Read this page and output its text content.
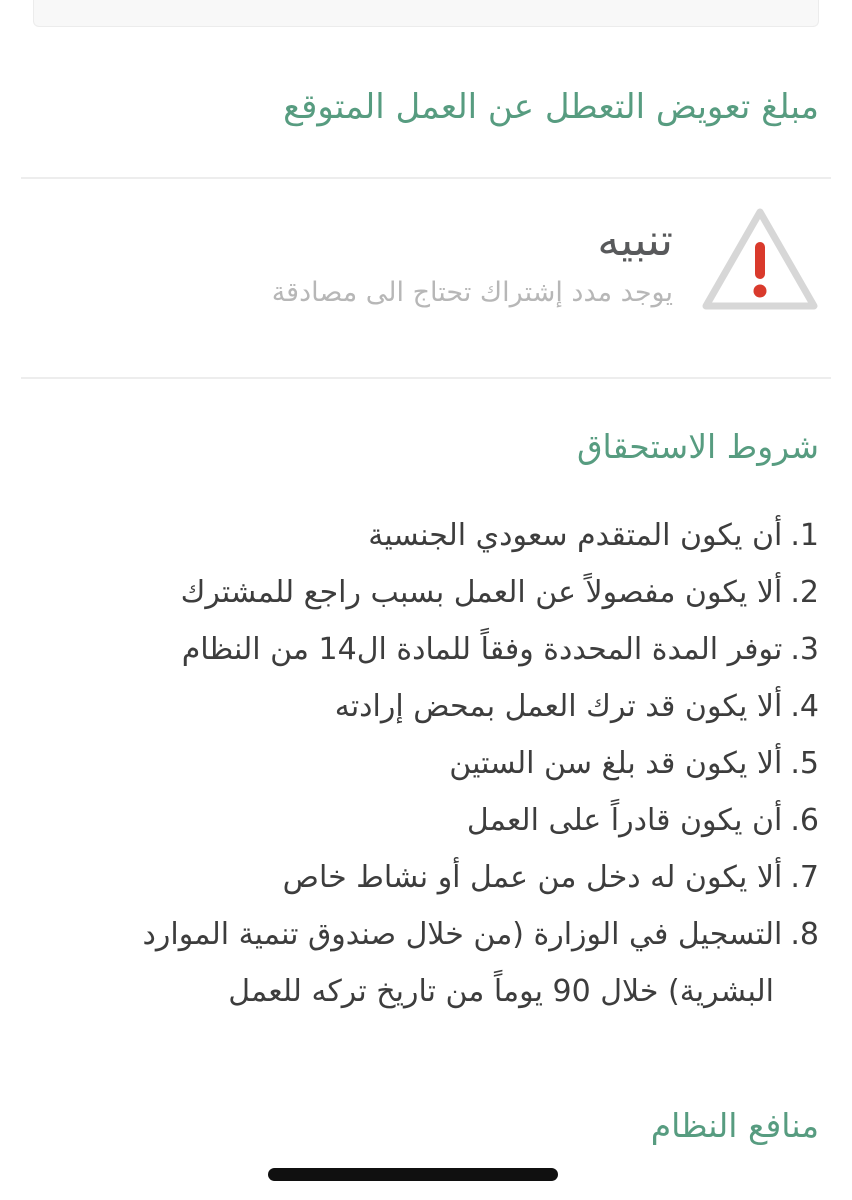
مبلغ تعويض التعطل عن العمل المتوقع
تنبيه
يوجد مدد إشتراك تحتاج الى مصادقة
شروط الاستحقاق
1.أن يكون المتقدم سعودي الجنسية
2.ألا يكون مفصولاً عن العمل بسبب راجع للمشترك
3.توفر المدة المحددة وفقاً للمادة ال14 من النظام
4.ألا يكون قد ترك العمل بمحض إرادته
5.ألا يكون قد بلغ سن الستين
6.أن يكون قادراً على العمل
7.ألا يكون له دخل من عمل أو نشاط خاص
8.التسجيل في الوزارة (من خلال صندوق تنمية الموارد البشرية) خلال 90 يوماً من تاريخ تركه للعمل
منافع النظام
